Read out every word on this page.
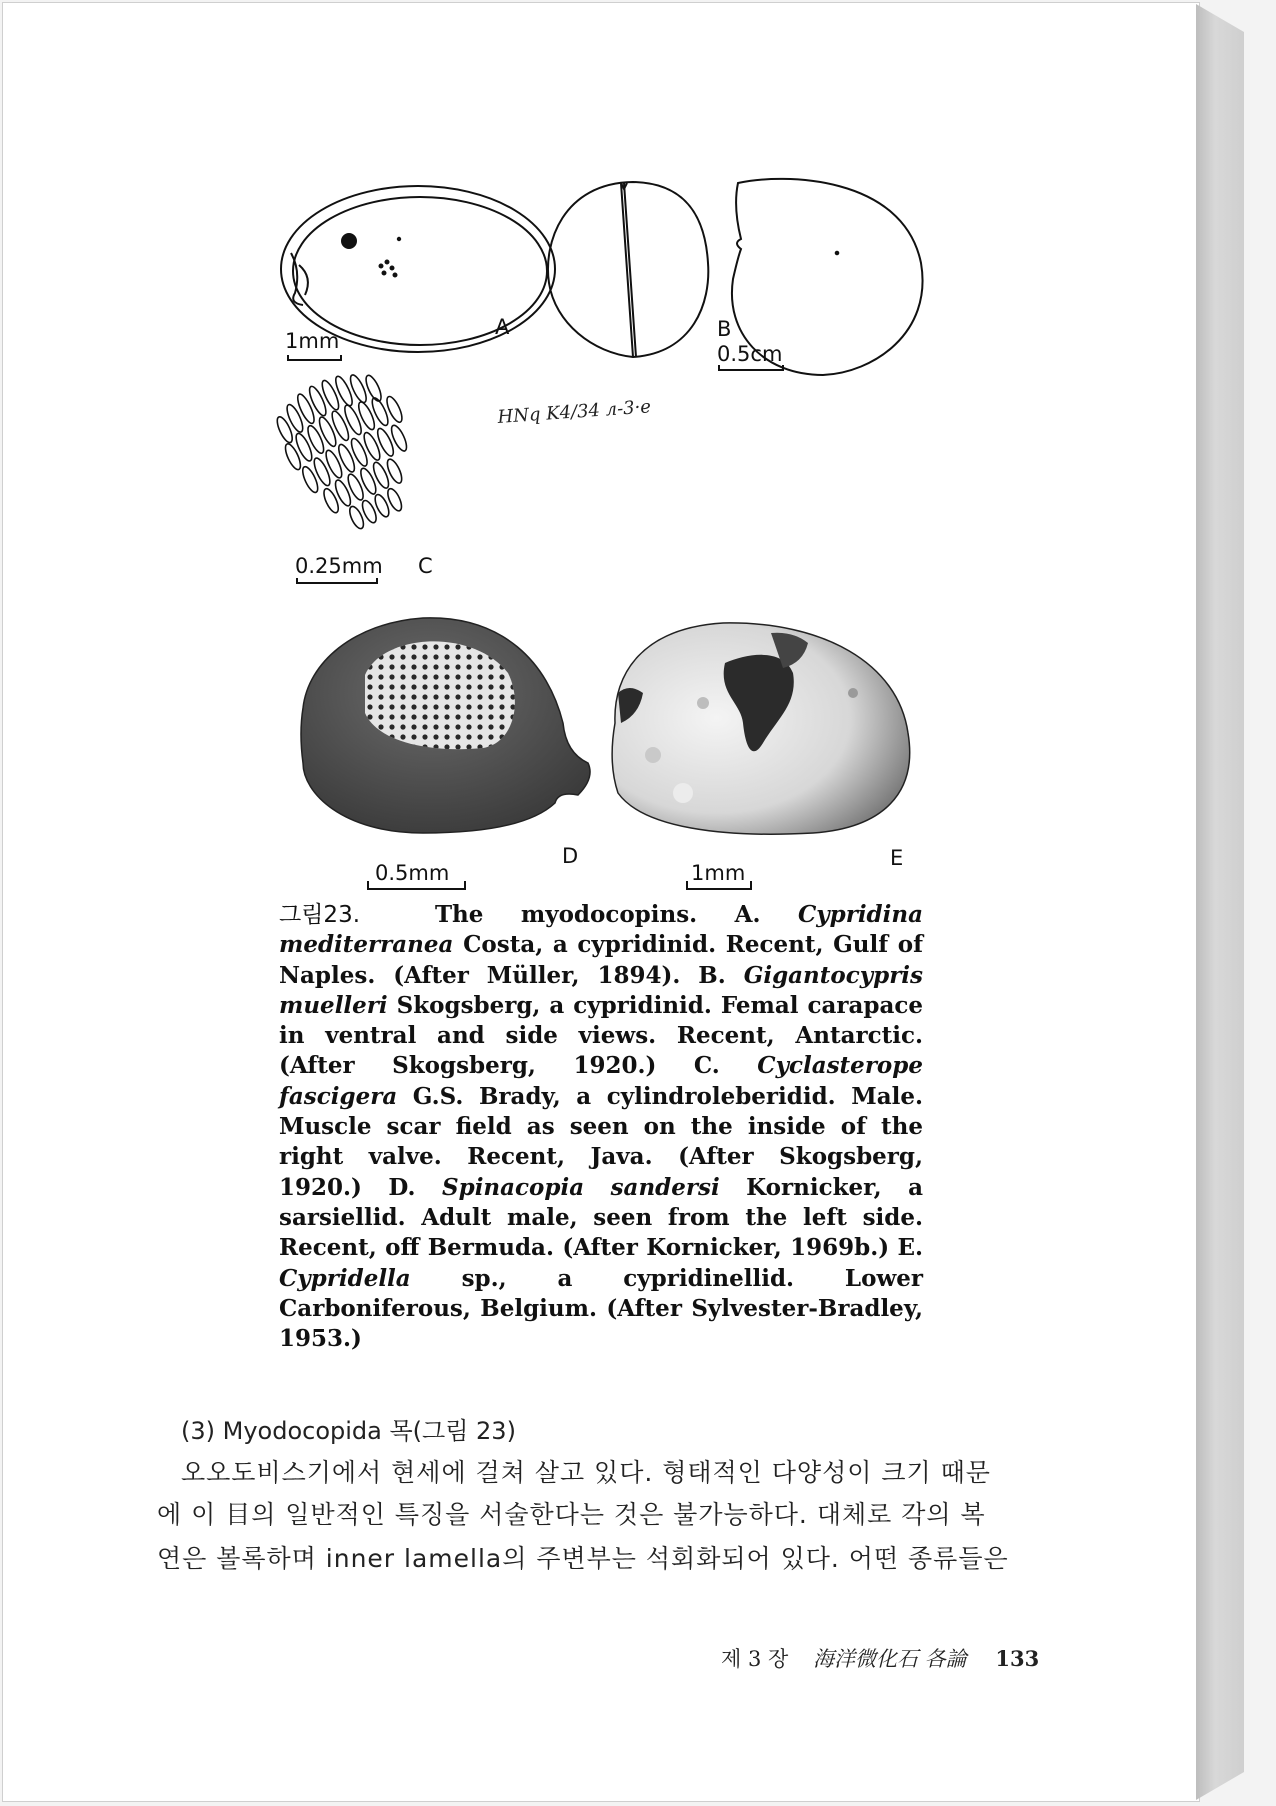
1mm
A	B
0.5cm
HNq K4/34 л-3·e
0.25mm C
0.5mm
D
1mm
E
그림23.	The myodocopins. A. Cypridina mediterranea Costa, a cypridinid. Recent, Gulf of Naples. (After Müller, 1894). B. Gigantocypris muelleri Skogsberg, a cypridinid. Femal carapace in ventral and side views. Recent, Antarctic. (After Skogsberg, 1920.) C. Cyclasterope fascigera G.S. Brady, a cylindroleberidid. Male. Muscle scar field as seen on the inside of the right valve. Recent, Java. (After Skogsberg, 1920.) D. Spinacopia sandersi Kornicker, a sarsiellid. Adult male, seen from the left side. Recent, off Bermuda. (After Kornicker, 1969b.) E. Cypridella sp., a cypridinellid. Lower Carboniferous, Belgium. (After Sylvester-Bradley, 1953.)
(3) Myodocopida 목(그림 23)
오오도비스기에서 현세에 걸쳐 살고 있다. 형태적인 다양성이 크기 때문
에 이 目의 일반적인 특징을 서술한다는 것은 불가능하다. 대체로 각의 복
연은 볼록하며 inner lamella의 주변부는 석회화되어 있다. 어떤 종류들은
제 3 장 海洋微化石 各論 133
